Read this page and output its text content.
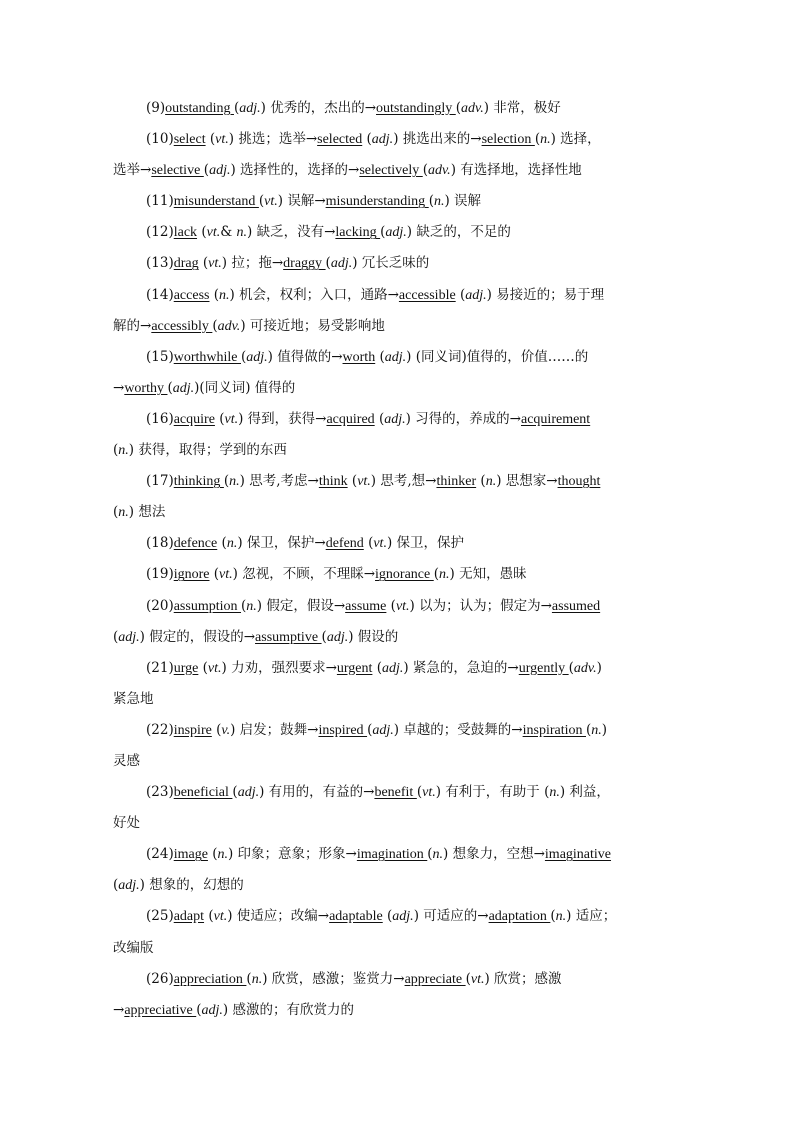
(9)outstanding (adj.) 优秀的，杰出的→outstandingly (adv.) 非常，极好
(10)select (vt.) 挑选；选举→selected (adj.) 挑选出来的→selection (n.) 选择，
选举→selective (adj.) 选择性的，选择的→selectively (adv.) 有选择地，选择性地
(11)misunderstand (vt.) 误解→misunderstanding (n.) 误解
(12)lack (vt.& n.) 缺乏，没有→lacking (adj.) 缺乏的，不足的
(13)drag (vt.) 拉；拖→draggy (adj.) 冗长乏味的
(14)access (n.) 机会，权利；入口，通路→accessible (adj.) 易接近的；易于理
解的→accessibly (adv.) 可接近地；易受影响地
(15)worthwhile (adj.) 值得做的→worth (adj.) (同义词)值得的，价值……的
→worthy (adj.)(同义词) 值得的
(16)acquire (vt.) 得到，获得→acquired (adj.) 习得的，养成的→acquirement
(n.) 获得，取得；学到的东西
(17)thinking (n.) 思考,考虑→think (vt.) 思考,想→thinker (n.) 思想家→thought
(n.) 想法
(18)defence (n.) 保卫，保护→defend (vt.) 保卫，保护
(19)ignore (vt.) 忽视，不顾，不理睬→ignorance (n.) 无知，愚昧
(20)assumption (n.) 假定，假设→assume (vt.) 以为；认为；假定为→assumed
(adj.) 假定的，假设的→assumptive (adj.) 假设的
(21)urge (vt.) 力劝，强烈要求→urgent (adj.) 紧急的，急迫的→urgently (adv.)
紧急地
(22)inspire (v.) 启发；鼓舞→inspired (adj.) 卓越的；受鼓舞的→inspiration (n.)
灵感
(23)beneficial (adj.) 有用的，有益的→benefit (vt.) 有利于，有助于 (n.) 利益，
好处
(24)image (n.) 印象；意象；形象→imagination (n.) 想象力，空想→imaginative
(adj.) 想象的，幻想的
(25)adapt (vt.) 使适应；改编→adaptable (adj.) 可适应的→adaptation (n.) 适应；
改编版
(26)appreciation (n.) 欣赏，感激；鉴赏力→appreciate (vt.) 欣赏；感激
→appreciative (adj.) 感激的；有欣赏力的
